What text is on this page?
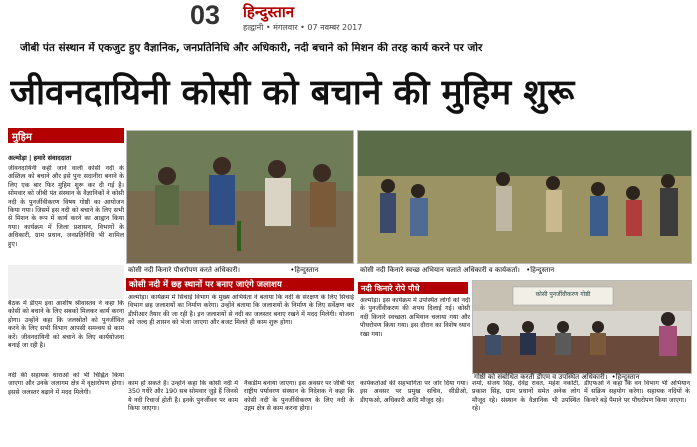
03 हिन्दुस्तान
हल्द्वानी • मंगलवार • 07 नवम्बर 2017
जीबी पंत संस्थान में एकजुट हुए वैज्ञानिक, जनप्रतिनिधि और अधिकारी, नदी बचाने को मिशन की तरह कार्य करने पर जोर
जीवनदायिनी कोसी को बचाने की मुहिम शुरू
मुहिम
अल्मोड़ा | हमारे संवाददाता
जीवनदायिनी कही जाने वाली कोसी नदी के अस्तित्व को बचाने और इसे पुनः सदानीरा बनाने के लिए एक बार फिर मुहिम शुरू कर दी गई है। सोमवार को जीबी पंत संस्थान के वैज्ञानिकों ने कोसी नदी के पुनर्जीवीकरण विषय गोष्ठी का आयोजन किया गया। जिसमें इस नदी को बचाने के लिए सभी से मिशन के रूप में कार्य करने का आह्वान किया गया। कार्यक्रम में जिला प्रशासन, विभागों के अधिकारी, ग्राम प्रधान, जनप्रतिनिधि भी शामिल हुए।
बैठक में डीएम इवा आशीष श्रीवास्तव ने कहा कि कोसी को बचाने के लिए सबको मिलकर कार्य करना होगा। उन्होंने कहा कि जलस्रोतों को पुनर्जीवित करने के लिए सभी विभाग आपसी समन्वय से काम करें। जीवनदायिनी को बचाने के लिए कार्ययोजना बनाई जा रही है।
नदी की सहायक धाराओं को भी चिह्नित किया जाएगा और उनके जलागम क्षेत्र में वृक्षारोपण होगा। इससे जलस्तर बढ़ाने में मदद मिलेगी।
कोसी नदी किनारे पौधरोपण करते अधिकारी।	•हिन्दुस्तान	कोसी नदी किनारे स्वच्छ अभियान चलाते अधिकारी व कार्यकर्ता। •हिन्दुस्तान
कोसी नदी में छह स्थानों पर बनाए जाएंगे जलाशय
अल्मोड़ा। कार्यक्रम में सिंचाई विभाग के मुख्य अभियंता ने बताया कि नदी के संरक्षण के लिए सिंचाई विभाग छह जलाशयों का निर्माण करेगा। उन्होंने बताया कि जलाशयों के निर्माण के लिए सर्वेक्षण कर डीपीआर तैयार की जा रही है। इन जलाशयों से नदी का जलस्तर बनाए रखने में मदद मिलेगी। योजना को जल्द ही शासन को भेजा जाएगा और बजट मिलते ही काम शुरू होगा।
काम हो सकते है। उन्होंने कहा कि कोसी नदी में 350 गधेरे और 190 सब सोमवार जुड़े हैं जिनसे ये नदी रिचार्ज होती है। इनके पुनर्जीवन पर काम किया जाएगा।
नैकडीम बनाया जाएगा। इस अवसर पर जीबी पंत राष्ट्रीय पर्यावरण संस्थान के निदेशक ने कहा कि कोसी नदी के पुनर्जीवीकरण के लिए नदी के उद्गम क्षेत्र से काम करना होगा।
नदी किनारे रोपे पौधे
अल्मोड़ा। इस कार्यक्रम में उपस्थित लोगों को नदी के पुनर्जीवीकरण की शपथ दिलाई गई। कोसी नदी किनारे स्वच्छता अभियान चलाया गया और पौधरोपण किया गया। इस दौरान का विशेष ध्यान रखा गया।
कार्यकर्ताओं की सहभागिता पर जोर दिया गया। इस अवसर पर प्रमुख सचिव, सीडीओ, डीएफओ, अधिकारी आदि मौजूद रहे।
शर्मा, संजय सिंह, देवेंद्र रावत, महेश नकोटी, प्रकाश सिंह, ग्राम प्रधानों समेत अनेक लोग मौजूद रहे। संस्थान के वैज्ञानिक भी उपस्थित रहे।
डीएफओ ने कहा कि वन विभाग भी अभियान में सक्रिय सहयोग करेगा। सहायक नदियों के किनारे बड़े पैमाने पर पौधरोपण किया जाएगा।
कोसी पुनर्जीवीकरण गोष्ठी
गोष्ठी को संबोधित करतीं डीएम व उपस्थित अधिकारी। •हिन्दुस्तान
